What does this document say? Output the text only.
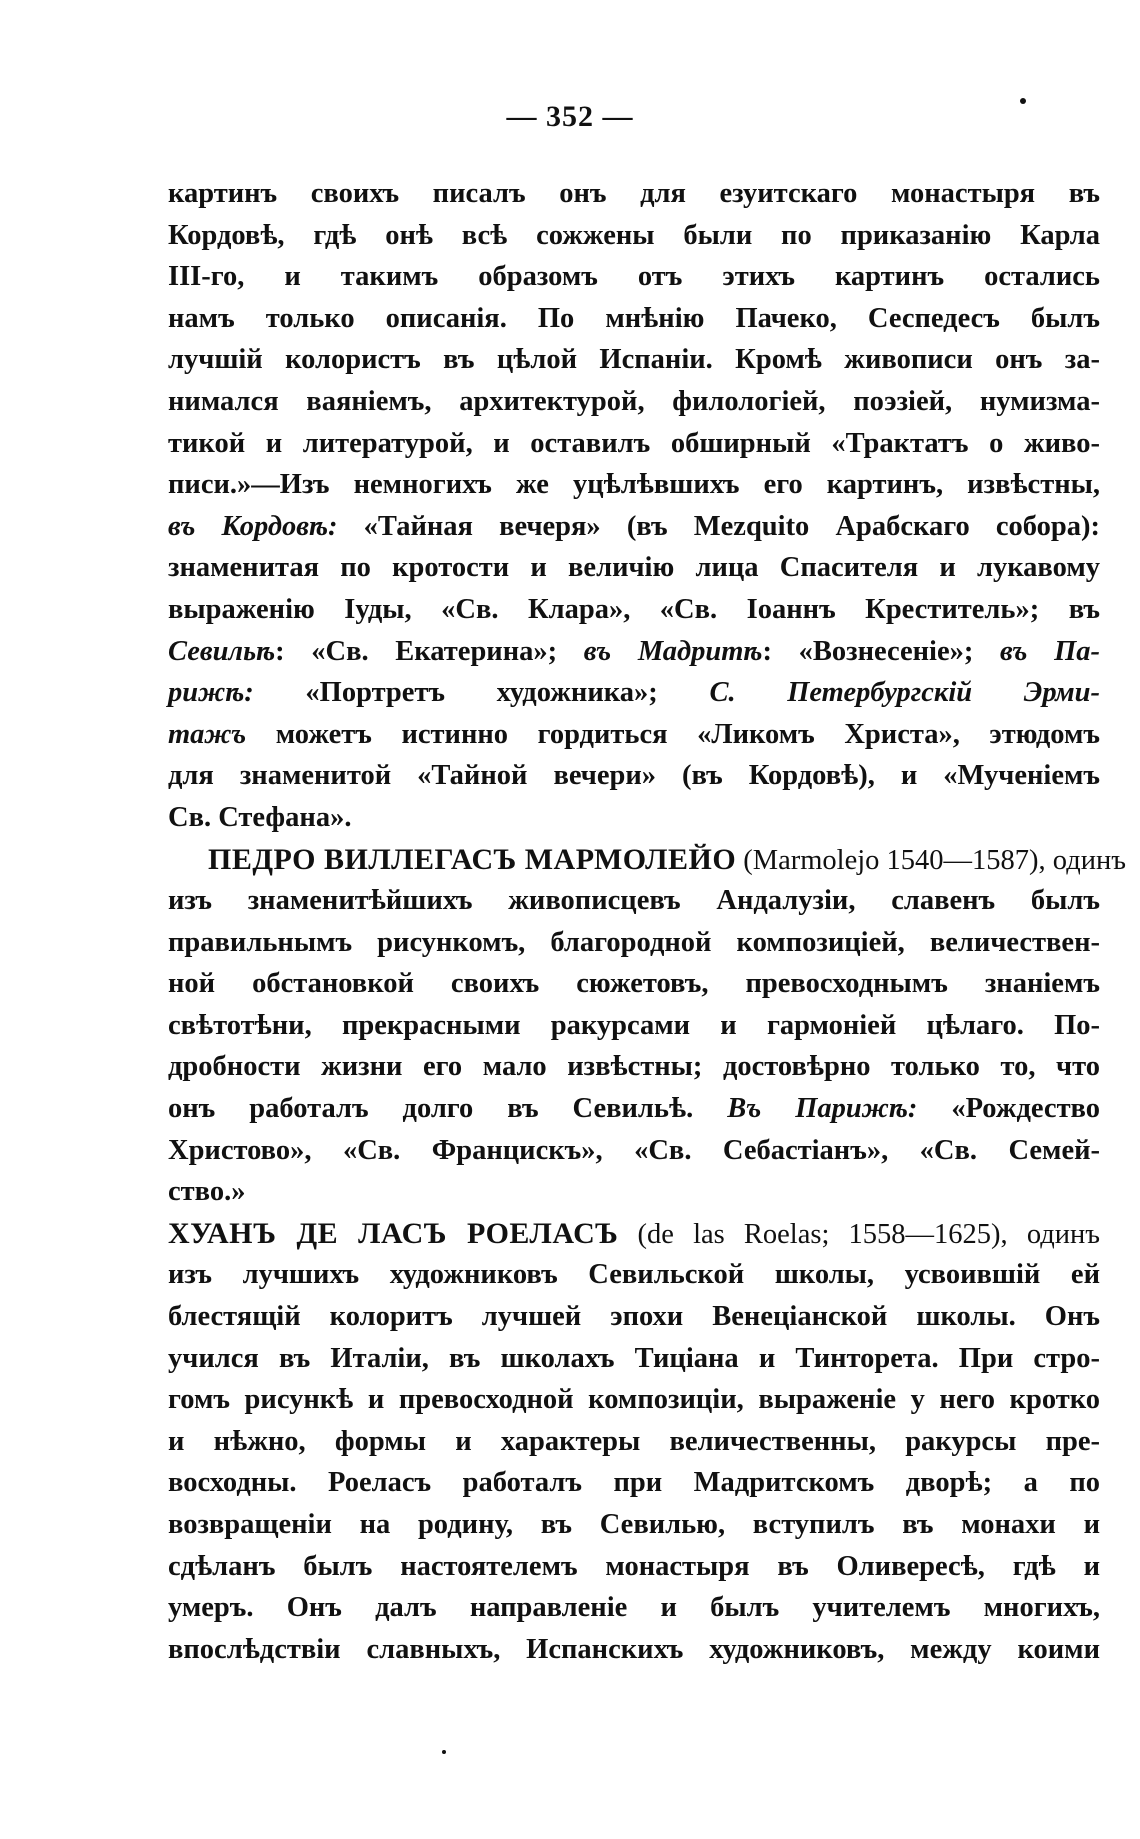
— 352 —
картинъ своихъ писалъ онъ для езуитскаго монастыря въ
Кордовѣ, гдѣ онѣ всѣ сожжены были по приказанію Карла
III-го, и такимъ образомъ отъ этихъ картинъ остались
намъ только описанія. По мнѣнію Пачеко, Сеспедесъ былъ
лучшій колористъ въ цѣлой Испаніи. Кромѣ живописи онъ за-
нимался ваяніемъ, архитектурой, филологіей, поэзіей, нумизма-
тикой и литературой, и оставилъ обширный «Трактатъ о живо-
писи.»—Изъ немногихъ же уцѣлѣвшихъ его картинъ, извѣстны,
въ Кордовѣ: «Тайная вечеря» (въ Mezquito Арабскаго собора):
знаменитая по кротости и величію лица Спасителя и лукавому
выраженію Іуды, «Св. Клара», «Св. Іоаннъ Креститель»; въ
Севильѣ: «Св. Екатерина»; въ Мадритѣ: «Вознесеніе»; въ Па-
рижѣ: «Портретъ художника»; С. Петербургскій Эрми-
тажъ можетъ истинно гордиться «Ликомъ Христа», этюдомъ
для знаменитой «Тайной вечери» (въ Кордовѣ), и «Мученіемъ
Св. Стефана».
ПЕДРО ВИЛЛЕГАСЪ МАРМОЛЕЙО (Marmolejo 1540—1587), одинъ
изъ знаменитѣйшихъ живописцевъ Андалузіи, славенъ былъ
правильнымъ рисункомъ, благородной композиціей, величествен-
ной обстановкой своихъ сюжетовъ, превосходнымъ знаніемъ
свѣтотѣни, прекрасными ракурсами и гармоніей цѣлаго. По-
дробности жизни его мало извѣстны; достовѣрно только то, что
онъ работалъ долго въ Севильѣ. Въ Парижѣ: «Рождество
Христово», «Св. Францискъ», «Св. Себастіанъ», «Св. Семей-
ство.»
ХУАНЪ ДЕ ЛАСЪ РОЕЛАСЪ (de las Roelas; 1558—1625), одинъ
изъ лучшихъ художниковъ Севильской школы, усвоившій ей
блестящій колоритъ лучшей эпохи Венеціанской школы. Онъ
учился въ Италіи, въ школахъ Тиціана и Тинторета. При стро-
гомъ рисункѣ и превосходной композиціи, выраженіе у него кротко
и нѣжно, формы и характеры величественны, ракурсы пре-
восходны. Роеласъ работалъ при Мадритскомъ дворѣ; а по
возвращеніи на родину, въ Севилью, вступилъ въ монахи и
сдѣланъ былъ настоятелемъ монастыря въ Оливересѣ, гдѣ и
умеръ. Онъ далъ направленіе и былъ учителемъ многихъ,
впослѣдствіи славныхъ, Испанскихъ художниковъ, между коими
